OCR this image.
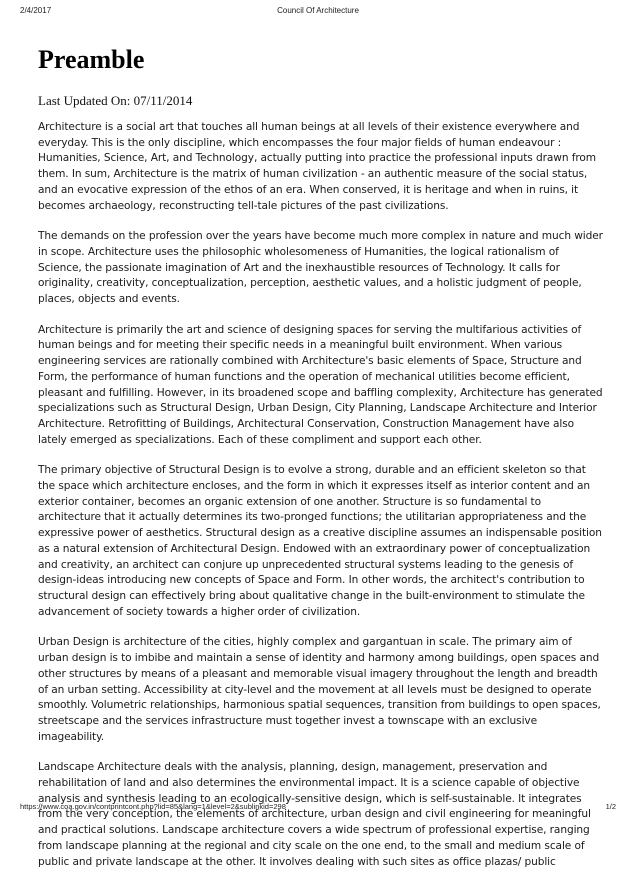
2/4/2017	Council Of Architecture
Preamble
Last Updated On: 07/11/2014

Architecture is a social art that touches all human beings at all levels of their existence everywhere and everyday. This is the only discipline, which encompasses the four major fields of human endeavour : Humanities, Science, Art, and Technology, actually putting into practice the professional inputs drawn from them. In sum, Architecture is the matrix of human civilization - an authentic measure of the social status, and an evocative expression of the ethos of an era. When conserved, it is heritage and when in ruins, it becomes archaeology, reconstructing tell-tale pictures of the past civilizations.

The demands on the profession over the years have become much more complex in nature and much wider in scope. Architecture uses the philosophic wholesomeness of Humanities, the logical rationalism of Science, the passionate imagination of Art and the inexhaustible resources of Technology. It calls for originality, creativity, conceptualization, perception, aesthetic values, and a holistic judgment of people, places, objects and events.

Architecture is primarily the art and science of designing spaces for serving the multifarious activities of human beings and for meeting their specific needs in a meaningful built environment. When various engineering services are rationally combined with Architecture's basic elements of Space, Structure and Form, the performance of human functions and the operation of mechanical utilities become efficient, pleasant and fulfilling. However, in its broadened scope and baffling complexity, Architecture has generated specializations such as Structural Design, Urban Design, City Planning, Landscape Architecture and Interior Architecture. Retrofitting of Buildings, Architectural Conservation, Construction Management have also lately emerged as specializations. Each of these compliment and support each other.

The primary objective of Structural Design is to evolve a strong, durable and an efficient skeleton so that the space which architecture encloses, and the form in which it expresses itself as interior content and an exterior container, becomes an organic extension of one another. Structure is so fundamental to architecture that it actually determines its two-pronged functions; the utilitarian appropriateness and the expressive power of aesthetics. Structural design as a creative discipline assumes an indispensable position as a natural extension of Architectural Design. Endowed with an extraordinary power of conceptualization and creativity, an architect can conjure up unprecedented structural systems leading to the genesis of design-ideas introducing new concepts of Space and Form. In other words, the architect's contribution to structural design can effectively bring about qualitative change in the built-environment to stimulate the advancement of society towards a higher order of civilization.

Urban Design is architecture of the cities, highly complex and gargantuan in scale. The primary aim of urban design is to imbibe and maintain a sense of identity and harmony among buildings, open spaces and other structures by means of a pleasant and memorable visual imagery throughout the length and breadth of an urban setting. Accessibility at city-level and the movement at all levels must be designed to operate smoothly. Volumetric relationships, harmonious spatial sequences, transition from buildings to open spaces, streetscape and the services infrastructure must together invest a townscape with an exclusive imageability.

Landscape Architecture deals with the analysis, planning, design, management, preservation and rehabilitation of land and also determines the environmental impact. It is a science capable of objective analysis and synthesis leading to an ecologically-sensitive design, which is self-sustainable. It integrates from the very conception, the elements of architecture, urban design and civil engineering for meaningful and practical solutions. Landscape architecture covers a wide spectrum of professional expertise, ranging from landscape planning at the regional and city scale on the one end, to the small and medium scale of public and private landscape at the other. It involves dealing with such sites as office plazas/ public

https://www.coa.gov.in/contprintcont.php?lid=85&lang=1&level=2&sublinkid=298	1/2
